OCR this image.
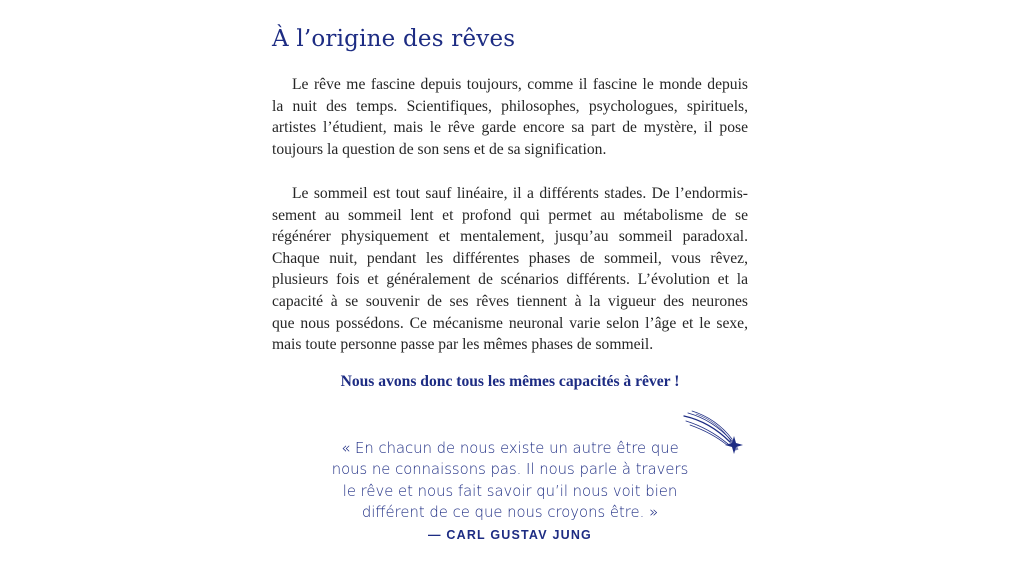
À l’origine des rêves

Le rêve me fascine depuis toujours, comme il fascine le monde depuis
la nuit des temps. Scientifiques, philosophes, psychologues, spirituels,
artistes l’étudient, mais le rêve garde encore sa part de mystère, il pose
toujours la question de son sens et de sa signification.

Le sommeil est tout sauf linéaire, il a différents stades. De l’endormis-
sement au sommeil lent et profond qui permet au métabolisme de se
régénérer physiquement et mentalement, jusqu’au sommeil paradoxal.
Chaque nuit, pendant les différentes phases de sommeil, vous rêvez,
plusieurs fois et généralement de scénarios différents. L’évolution et la
capacité à se souvenir de ses rêves tiennent à la vigueur des neurones
que nous possédons. Ce mécanisme neuronal varie selon l’âge et le sexe,
mais toute personne passe par les mêmes phases de sommeil.

Nous avons donc tous les mêmes capacités à rêver !

« En chacun de nous existe un autre être que
nous ne connaissons pas. Il nous parle à travers
le rêve et nous fait savoir qu’il nous voit bien
différent de ce que nous croyons être. »

— CARL GUSTAV JUNG
